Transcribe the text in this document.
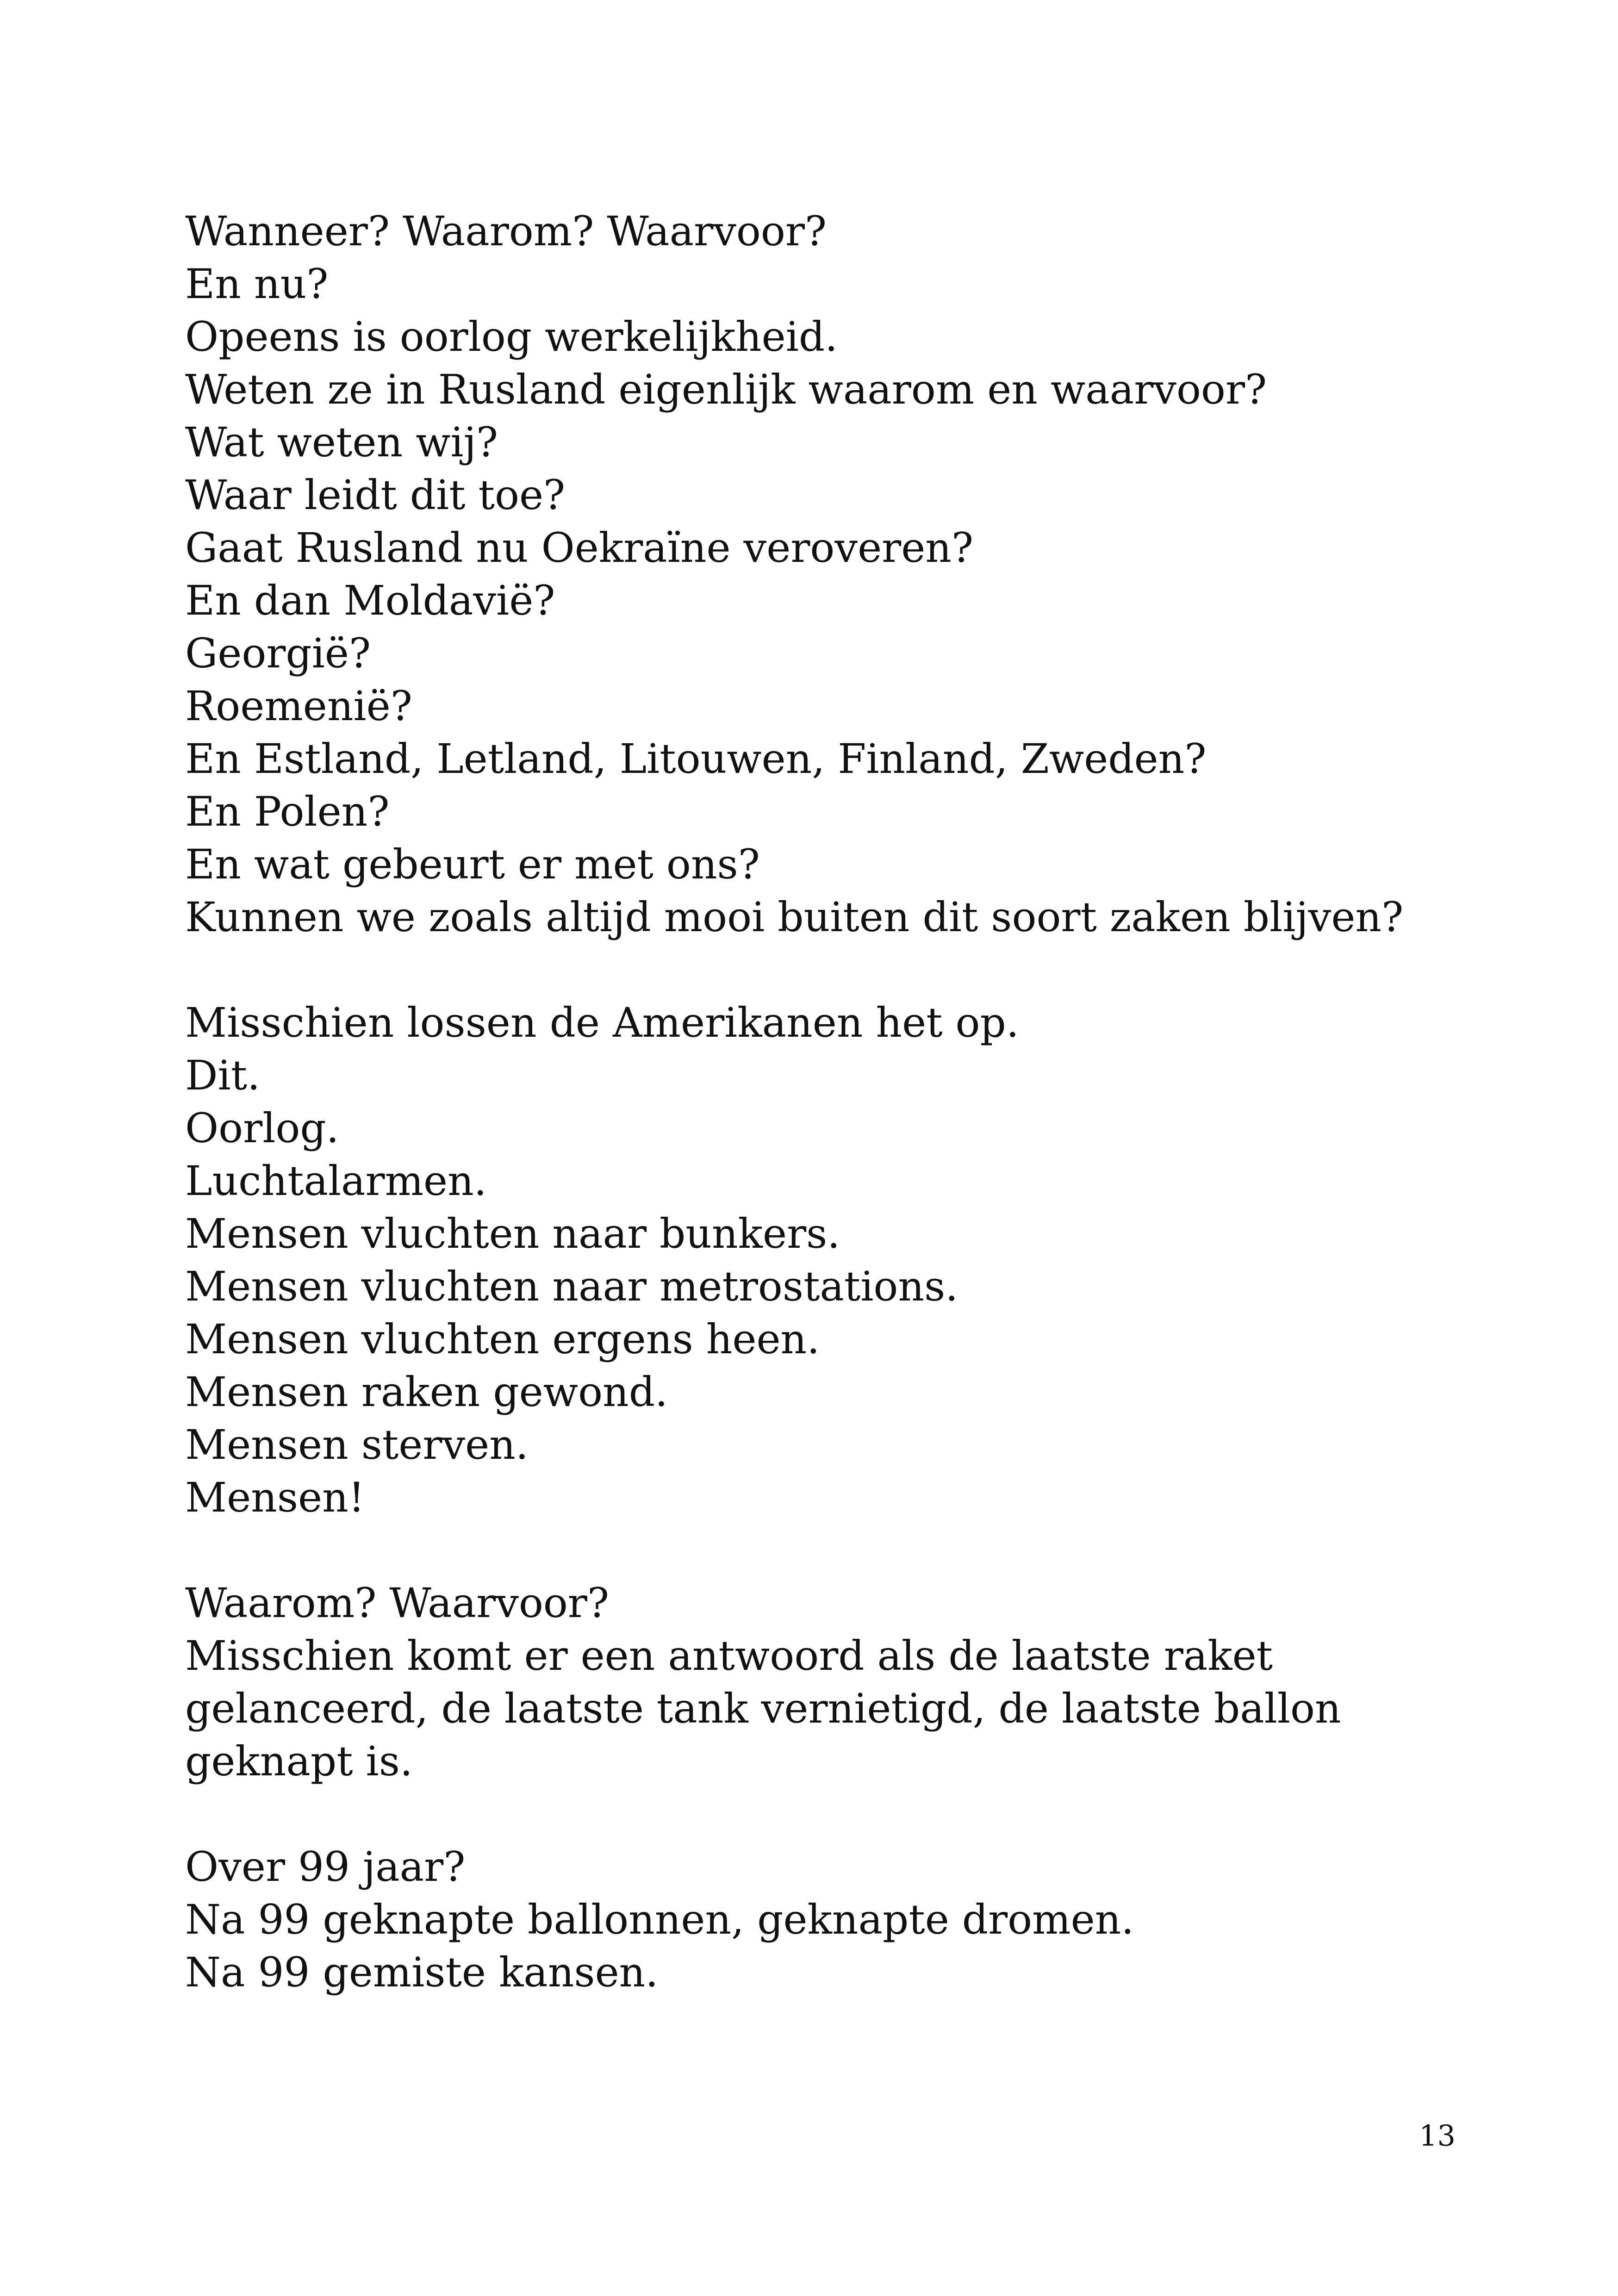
Wanneer? Waarom? Waarvoor?
En nu?
Opeens is oorlog werkelijkheid.
Weten ze in Rusland eigenlijk waarom en waarvoor?
Wat weten wij?
Waar leidt dit toe?
Gaat Rusland nu Oekraïne veroveren?
En dan Moldavië?
Georgië?
Roemenië?
En Estland, Letland, Litouwen, Finland, Zweden?
En Polen?
En wat gebeurt er met ons?
Kunnen we zoals altijd mooi buiten dit soort zaken blijven?
Misschien lossen de Amerikanen het op.
Dit.
Oorlog.
Luchtalarmen.
Mensen vluchten naar bunkers.
Mensen vluchten naar metrostations.
Mensen vluchten ergens heen.
Mensen raken gewond.
Mensen sterven.
Mensen!
Waarom? Waarvoor?
Misschien komt er een antwoord als de laatste raket gelanceerd, de laatste tank vernietigd, de laatste ballon geknapt is.
Over 99 jaar?
Na 99 geknapte ballonnen, geknapte dromen.
Na 99 gemiste kansen.
13
